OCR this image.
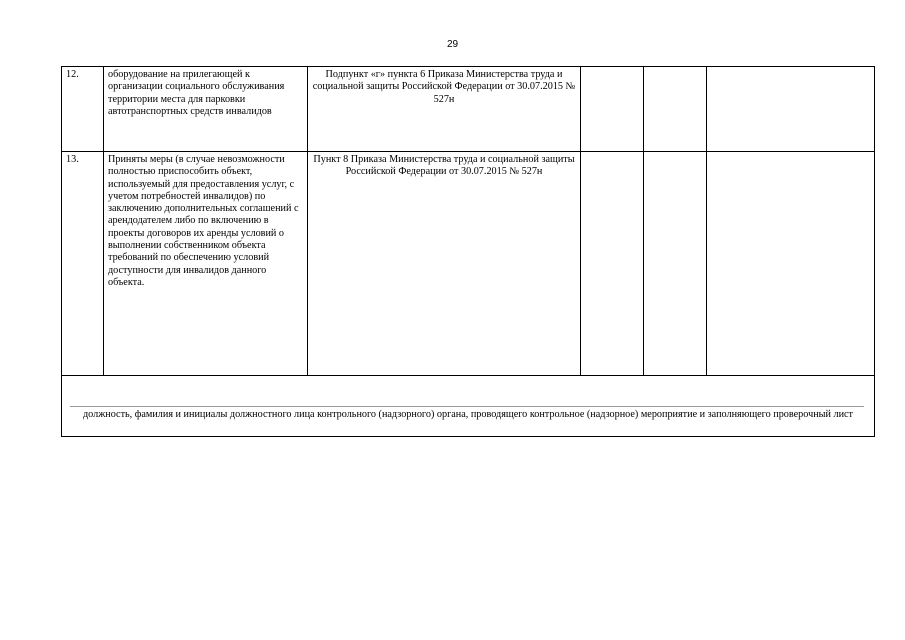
29
12.	оборудование на прилегающей к организации социального обслуживания территории места для парковки автотранспортных средств инвалидов	Подпункт «г» пункта 6 Приказа Министерства труда и социальной защиты Российской Федерации от 30.07.2015 № 527н			
13.	Приняты меры (в случае невозможности полностью приспособить объект, используемый для предоставления услуг, с учетом потребностей инвалидов) по заключению дополнительных соглашений с арендодателем либо по включению в проекты договоров их аренды условий о выполнении собственником объекта требований по обеспечению условий доступности для инвалидов данного объекта.	Пункт 8 Приказа Министерства труда и социальной защиты Российской Федерации от 30.07.2015 № 527н			

должность, фамилия и инициалы должностного лица контрольного (надзорного) органа, проводящего контрольное (надзорное) мероприятие и заполняющего проверочный лист					
